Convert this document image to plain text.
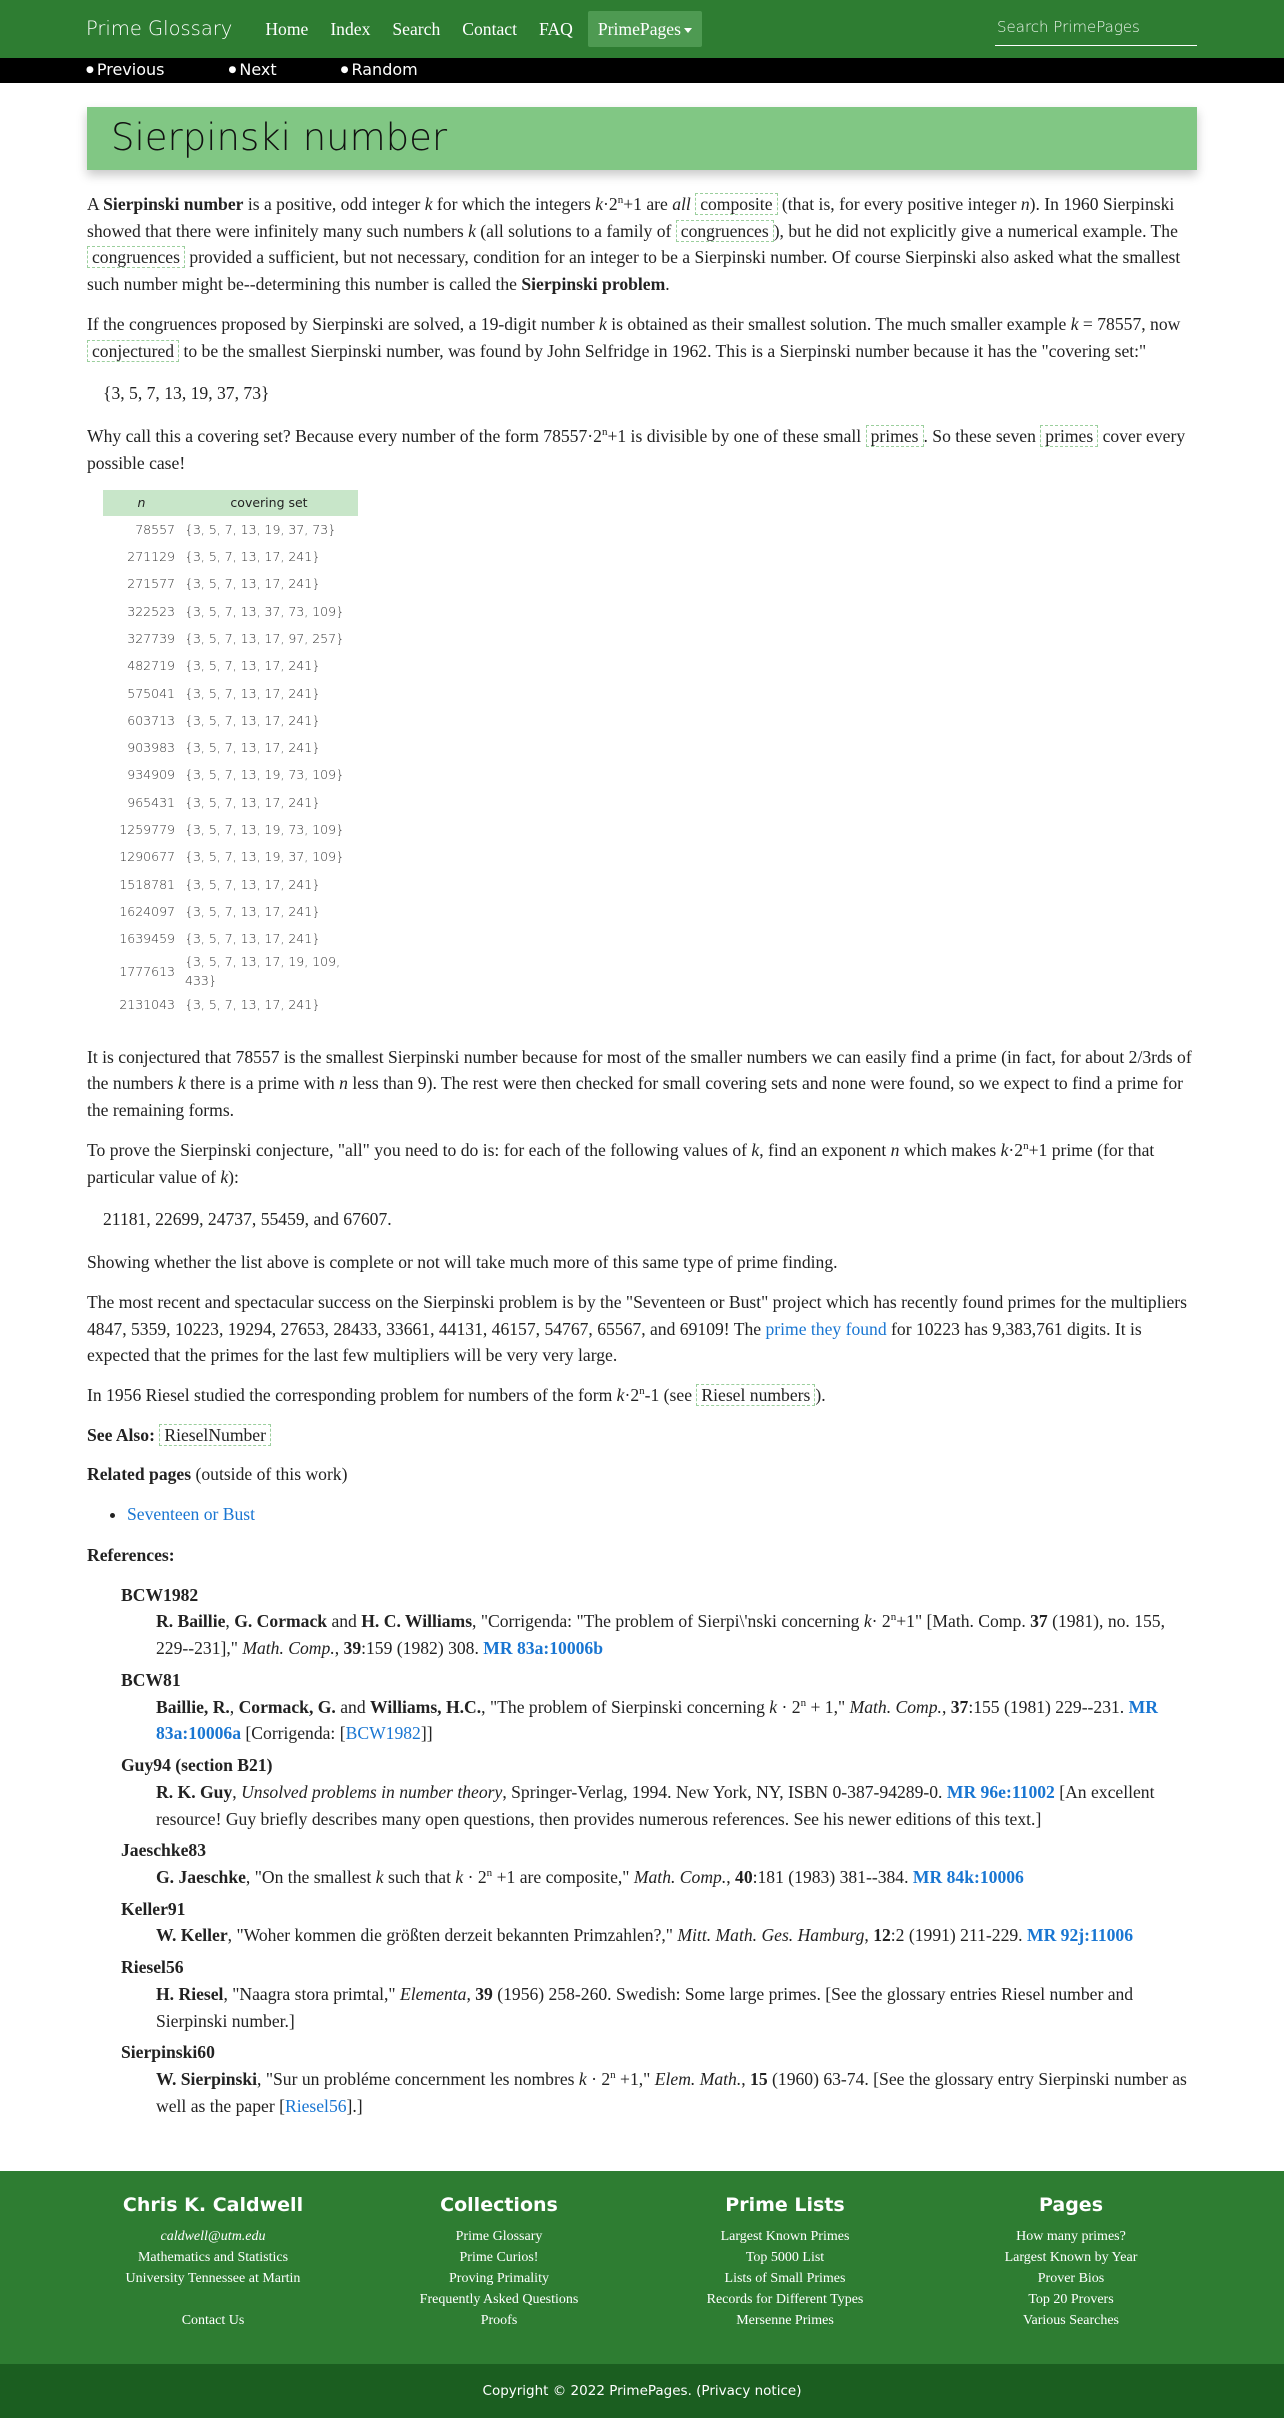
Prime Glossary Home Index Search Contact FAQ	PrimePages	Search PrimePages
● Previous	● Next	● Random
Sierpinski number

A Sierpinski number is a positive, odd integer k for which the integers $k\cdot 2^n+1$ are all composite (that is, for every positive integer n). In 1960 Sierpinski showed that there were infinitely many such numbers k (all solutions to a family of congruences ), but he did not explicitly give a numerical example. The congruences provided a sufficient, but not necessary, condition for an integer to be a Sierpinski number. Of course Sierpinski also asked what the smallest such number might be--determining this number is called the Sierpinski problem.

If the congruences proposed by Sierpinski are solved, a 19-digit number k is obtained as their smallest solution. The much smaller example k = 78557, now conjectured to be the smallest Sierpinski number, was found by John Selfridge in 1962. This is a Sierpinski number because it has the "covering set:"

{3, 5, 7, 13, 19, 37, 73}

Why call this a covering set? Because every number of the form $78557\cdot 2^n+1$ is divisible by one of these small primes . So these seven primes cover every possible case!

n	covering set
78557	{3, 5, 7, 13, 19, 37, 73}
271129	{3, 5, 7, 13, 17, 241}
271577	{3, 5, 7, 13, 17, 241}
322523	{3, 5, 7, 13, 37, 73, 109}
327739	{3, 5, 7, 13, 17, 97, 257}
482719	{3, 5, 7, 13, 17, 241}
575041	{3, 5, 7, 13, 17, 241}
603713	{3, 5, 7, 13, 17, 241}
903983	{3, 5, 7, 13, 17, 241}
934909	{3, 5, 7, 13, 19, 73, 109}
965431	{3, 5, 7, 13, 17, 241}
1259779	{3, 5, 7, 13, 19, 73, 109}
1290677	{3, 5, 7, 13, 19, 37, 109}
1518781	{3, 5, 7, 13, 17, 241}
1624097	{3, 5, 7, 13, 17, 241}
1639459	{3, 5, 7, 13, 17, 241}
1777613	{3, 5, 7, 13, 17, 19, 109, 433}
2131043	{3, 5, 7, 13, 17, 241}

It is conjectured that 78557 is the smallest Sierpinski number because for most of the smaller numbers we can easily find a prime (in fact, for about 2/3rds of the numbers k there is a prime with n less than 9). The rest were then checked for small covering sets and none were found, so we expect to find a prime for the remaining forms.

To prove the Sierpinski conjecture, "all" you need to do is: for each of the following values of k, find an exponent n which makes $k\cdot 2^n+1$ prime (for that particular value of k):

21181, 22699, 24737, 55459, and 67607.

Showing whether the list above is complete or not will take much more of this same type of prime finding.

The most recent and spectacular success on the Sierpinski problem is by the "Seventeen or Bust" project which has recently found primes for the multipliers 4847, 5359, 10223, 19294, 27653, 28433, 33661, 44131, 46157, 54767, 65567, and 69109! The prime they found for 10223 has 9,383,761 digits. It is expected that the primes for the last few multipliers will be very very large.

In 1956 Riesel studied the corresponding problem for numbers of the form $k\cdot 2^n-1$ (see Riesel numbers ).

See Also: RieselNumber

Related pages (outside of this work)

• Seventeen or Bust

References:

BCW1982
R. Baillie, G. Cormack and H. C. Williams, "Corrigenda: "The problem of Sierpi\'nski concerning $k\cdot 2^n+1$" [Math. Comp. 37 (1981), no. 155, 229--231]," Math. Comp., 39:159 (1982) 308. MR 83a:10006b
BCW81
Baillie, R., Cormack, G. and Williams, H.C., "The problem of Sierpinski concerning $k \cdot 2^n + 1$," Math. Comp., 37:155 (1981) 229--231. MR 83a:10006a [Corrigenda: [BCW1982]]
Guy94 (section B21)
R. K. Guy, Unsolved problems in number theory, Springer-Verlag, 1994. New York, NY, ISBN 0-387-94289-0. MR 96e:11002 [An excellent resource! Guy briefly describes many open questions, then provides numerous references. See his newer editions of this text.]
Jaeschke83
G. Jaeschke, "On the smallest k such that $k \cdot 2^n +1$ are composite," Math. Comp., 40:181 (1983) 381--384. MR 84k:10006
Keller91
W. Keller, "Woher kommen die größten derzeit bekannten Primzahlen?," Mitt. Math. Ges. Hamburg, 12:2 (1991) 211-229. MR 92j:11006
Riesel56
H. Riesel, "Naagra stora primtal," Elementa, 39 (1956) 258-260. Swedish: Some large primes. [See the glossary entries Riesel number and Sierpinski number.]
Sierpinski60
W. Sierpinski, "Sur un probléme concernment les nombres $k \cdot 2^n +1$," Elem. Math., 15 (1960) 63-74. [See the glossary entry Sierpinski number as well as the paper [Riesel56].]
Chris K. Caldwell
caldwell@utm.edu
Mathematics and Statistics
University Tennessee at Martin

Contact Us
Collections
Prime Glossary
Prime Curios!
Proving Primality
Frequently Asked Questions
Proofs
Prime Lists
Largest Known Primes
Top 5000 List
Lists of Small Primes
Records for Different Types
Mersenne Primes
Pages
How many primes?
Largest Known by Year
Prover Bios
Top 20 Provers
Various Searches
Copyright © 2022 PrimePages. (Privacy notice)
